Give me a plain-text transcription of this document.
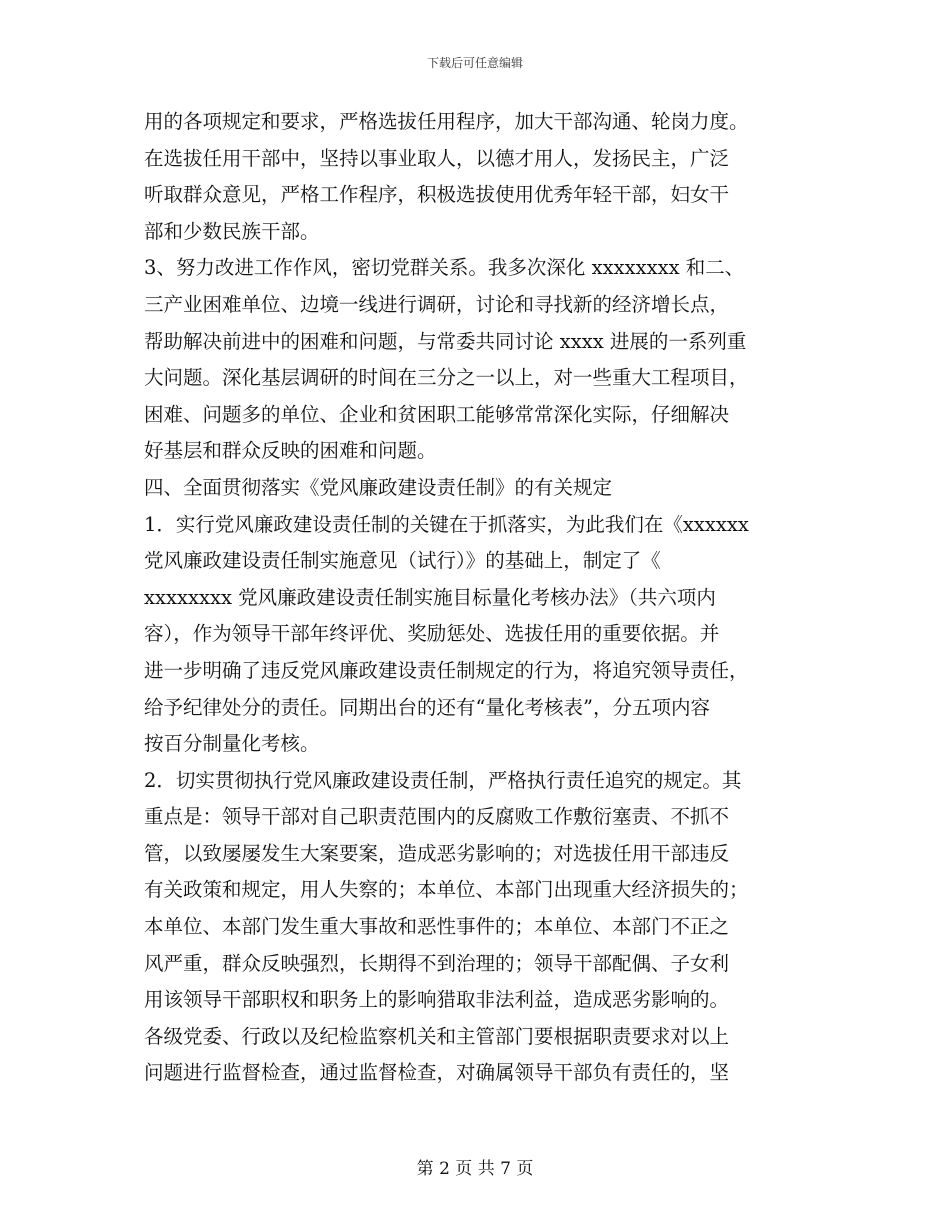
下载后可任意编辑
用的各项规定和要求，严格选拔任用程序，加大干部沟通、轮岗力度。
在选拔任用干部中，坚持以事业取人，以德才用人，发扬民主，广泛
听取群众意见，严格工作程序，积极选拔使用优秀年轻干部，妇女干
部和少数民族干部。
3、努力改进工作作风，密切党群关系。我多次深化 xxxxxxxx 和二、
三产业困难单位、边境一线进行调研，讨论和寻找新的经济增长点，
帮助解决前进中的困难和问题，与常委共同讨论 xxxx 进展的一系列重
大问题。深化基层调研的时间在三分之一以上，对一些重大工程项目，
困难、问题多的单位、企业和贫困职工能够常常深化实际，仔细解决
好基层和群众反映的困难和问题。
四、全面贯彻落实《党风廉政建设责任制》的有关规定
1．实行党风廉政建设责任制的关键在于抓落实，为此我们在《xxxxxx
党风廉政建设责任制实施意见（试行）》的基础上，制定了《
xxxxxxxx 党风廉政建设责任制实施目标量化考核办法》（共六项内
容），作为领导干部年终评优、奖励惩处、选拔任用的重要依据。并
进一步明确了违反党风廉政建设责任制规定的行为，将追究领导责任，
给予纪律处分的责任。同期出台的还有“量化考核表”，分五项内容
按百分制量化考核。
2．切实贯彻执行党风廉政建设责任制，严格执行责任追究的规定。其
重点是：领导干部对自己职责范围内的反腐败工作敷衍塞责、不抓不
管，以致屡屡发生大案要案，造成恶劣影响的；对选拔任用干部违反
有关政策和规定，用人失察的；本单位、本部门出现重大经济损失的；
本单位、本部门发生重大事故和恶性事件的；本单位、本部门不正之
风严重，群众反映强烈，长期得不到治理的；领导干部配偶、子女利
用该领导干部职权和职务上的影响猎取非法利益，造成恶劣影响的。
各级党委、行政以及纪检监察机关和主管部门要根据职责要求对以上
问题进行监督检查，通过监督检查，对确属领导干部负有责任的，坚
第 2 页 共 7 页
